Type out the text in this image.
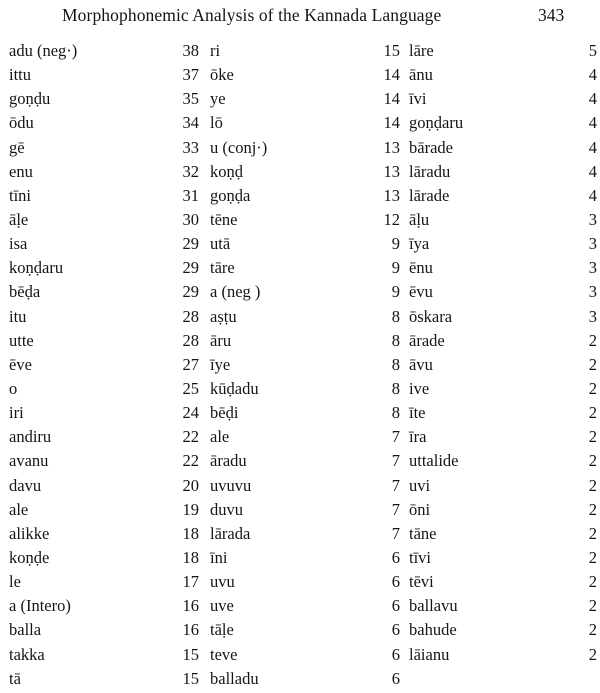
Morphophonemic Analysis of the Kannada Language	343
adu (neg·)	38
ittu	37
goṇḍu	35
ōdu	34
gē	33
enu	32
tīni	31
āḷe	30
isa	29
koṇḍaru	29
bēḍa	29
itu	28
utte	28
ēve	27
o	25
iri	24
andiru	22
avanu	22
davu	20
ale	19
alikke	18
koṇḍe	18
le	17
a (Intero)	16
balla	16
takka	15
tā	15
ri	15
ōke	14
ye	14
lō	14
u (conj·)	13
koṇḍ	13
goṇḍa	13
tēne	12
utā	9
tāre	9
a (neg )	9
aṣṭu	8
āru	8
īye	8
kūḍadu	8
bēḍi	8
ale	7
āradu	7
uvuvu	7
duvu	7
lārada	7
īni	6
uvu	6
uve	6
tāḷe	6
teve	6
balladu	6
lāre	5
ānu	4
īvi	4
goṇḍaru	4
bārade	4
lāradu	4
lārade	4
āḷu	3
īya	3
ēnu	3
ēvu	3
ōskara	3
ārade	2
āvu	2
ive	2
īte	2
īra	2
uttalide	2
uvi	2
ōni	2
tāne	2
tīvi	2
tēvi	2
ballavu	2
bahude	2
lāianu	2
